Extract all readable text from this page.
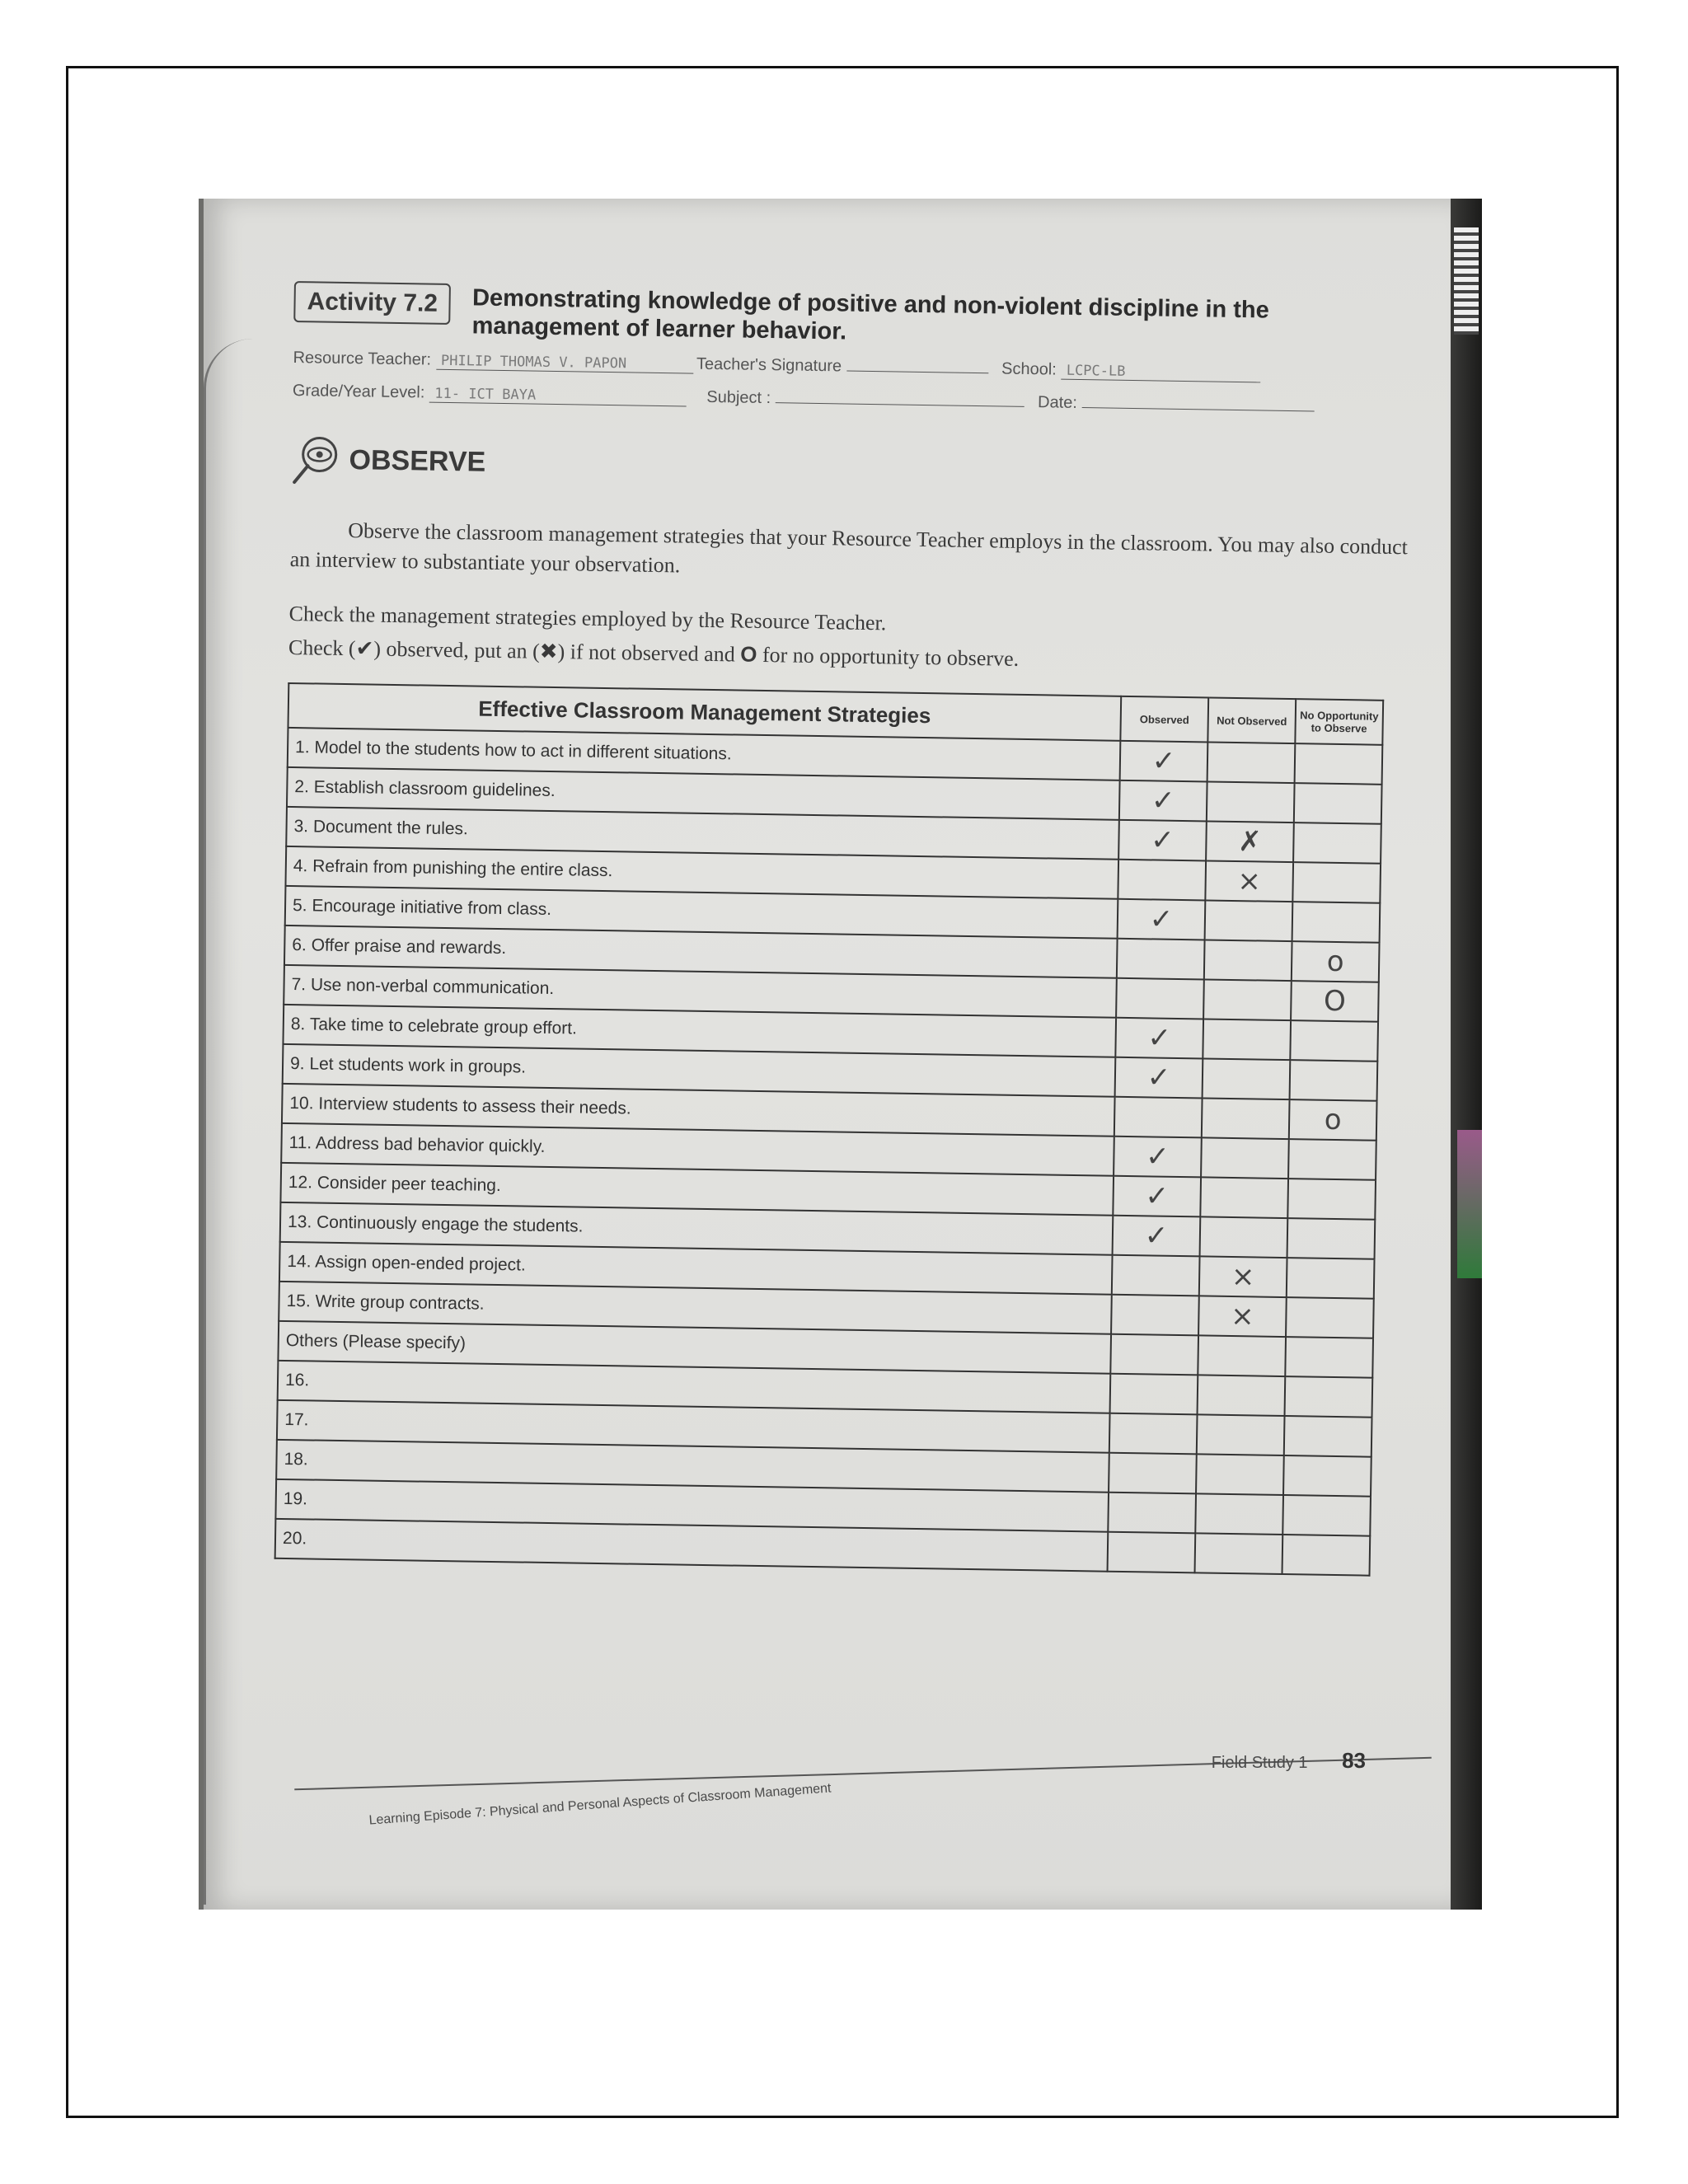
Activity 7.2	Demonstrating knowledge of positive and non-violent discipline in the management of learner behavior.
Resource Teacher: PHILIP THOMAS V. PAPON	Teacher's Signature	School: LCPC-LB
Grade/Year Level: 11- ICT BAYA	Subject :	Date:
OBSERVE
Observe the classroom management strategies that your Resource Teacher employs in the classroom. You may also conduct an interview to substantiate your observation.
Check the management strategies employed by the Resource Teacher.
Check (✔) observed, put an (✖) if not observed and O for no opportunity to observe.
Effective Classroom Management Strategies	Observed	Not Observed	No Opportunity to Observe
1. Model to the students how to act in different situations.	✓		
2. Establish classroom guidelines.	✓		
3. Document the rules.	✓	✗	
4. Refrain from punishing the entire class.		×	
5. Encourage initiative from class.	✓		
6. Offer praise and rewards.			o
7. Use non-verbal communication.			O
8. Take time to celebrate group effort.	✓		
9. Let students work in groups.	✓		
10. Interview students to assess their needs.			o
11. Address bad behavior quickly.	✓		
12. Consider peer teaching.	✓		
13. Continuously engage the students.	✓		
14. Assign open-ended project.		×	
15. Write group contracts.		×	
Others (Please specify)			
16.			
17.			
18.			
19.			
20.			
Learning Episode 7: Physical and Personal Aspects of Classroom Management
Field Study 1 83
